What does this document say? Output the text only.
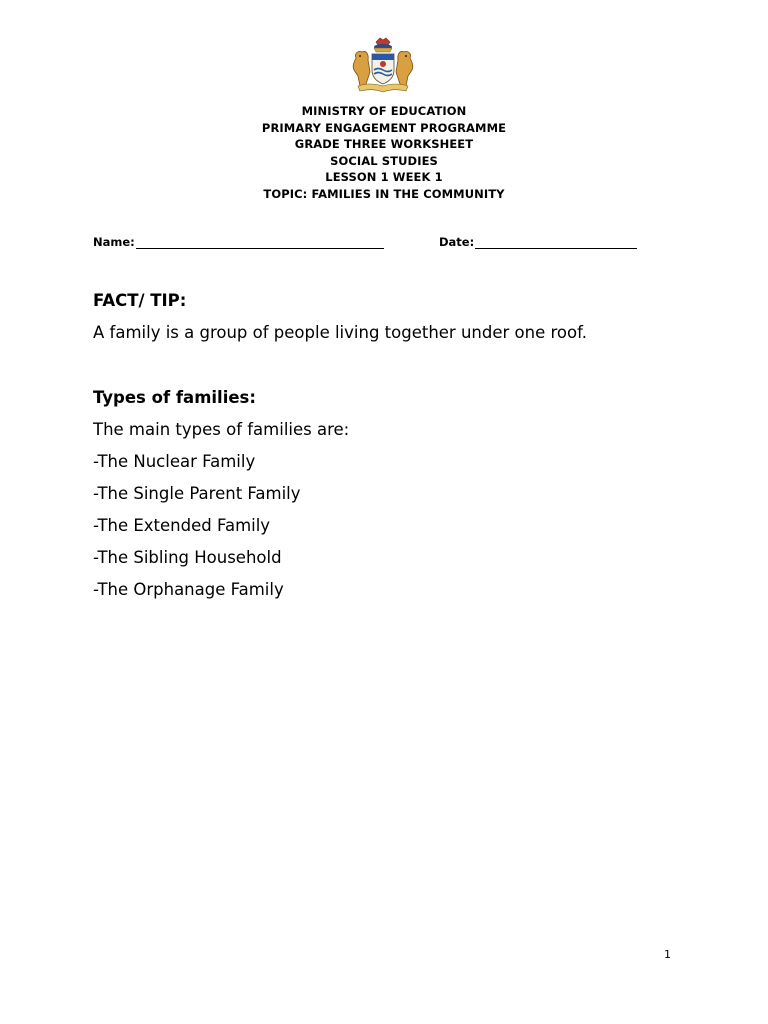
MINISTRY OF EDUCATION
PRIMARY ENGAGEMENT PROGRAMME
GRADE THREE WORKSHEET
SOCIAL STUDIES
LESSON 1 WEEK 1
TOPIC: FAMILIES IN THE COMMUNITY
Name:	Date:
FACT/ TIP:
A family is a group of people living together under one roof.
Types of families:
The main types of families are:
-The Nuclear Family
-The Single Parent Family
-The Extended Family
-The Sibling Household
-The Orphanage Family
1
